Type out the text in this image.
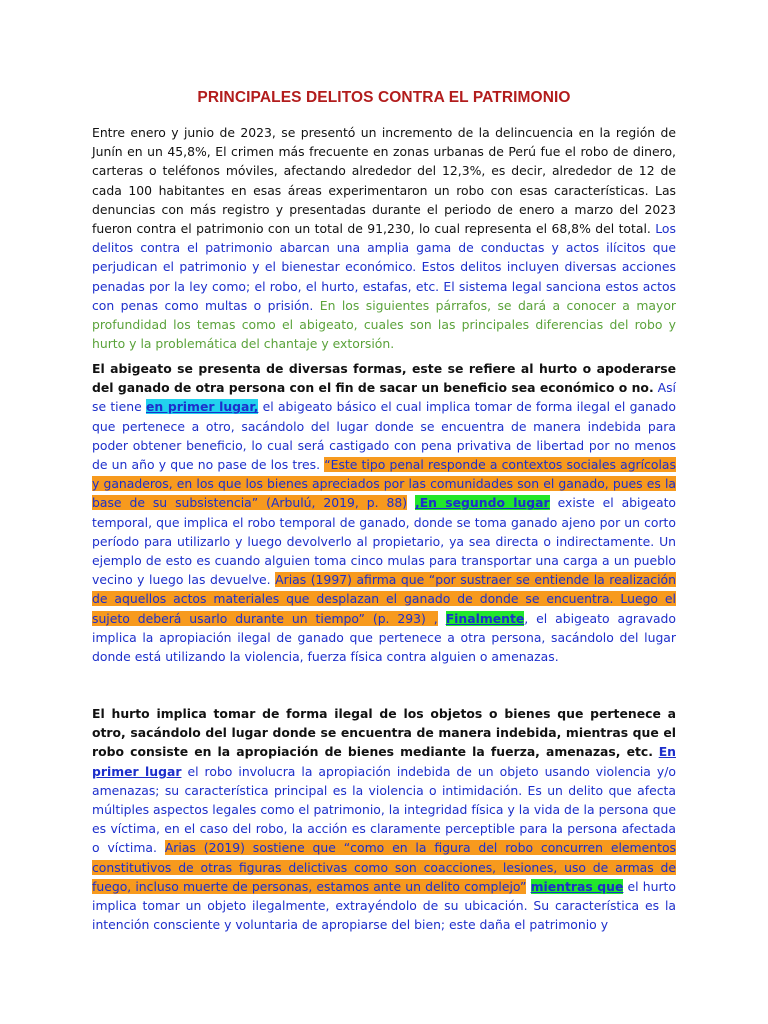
PRINCIPALES DELITOS CONTRA EL PATRIMONIO

Entre enero y junio de 2023, se presentó un incremento de la delincuencia en la región de Junín en un 45,8%, El crimen más frecuente en zonas urbanas de Perú fue el robo de dinero, carteras o teléfonos móviles, afectando alrededor del 12,3%, es decir, alrededor de 12 de cada 100 habitantes en esas áreas experimentaron un robo con esas características. Las denuncias con más registro y presentadas durante el periodo de enero a marzo del 2023 fueron contra el patrimonio con un total de 91,230, lo cual representa el 68,8% del total. Los delitos contra el patrimonio abarcan una amplia gama de conductas y actos ilícitos que perjudican el patrimonio y el bienestar económico. Estos delitos incluyen diversas acciones penadas por la ley como; el robo, el hurto, estafas, etc. El sistema legal sanciona estos actos con penas como multas o prisión. En los siguientes párrafos, se dará a conocer a mayor profundidad los temas como el abigeato, cuales son las principales diferencias del robo y hurto y la problemática del chantaje y extorsión.

El abigeato se presenta de diversas formas, este se refiere al hurto o apoderarse del ganado de otra persona con el fin de sacar un beneficio sea económico o no. Así se tiene en primer lugar, el abigeato básico el cual implica tomar de forma ilegal el ganado que pertenece a otro, sacándolo del lugar donde se encuentra de manera indebida para poder obtener beneficio, lo cual será castigado con pena privativa de libertad por no menos de un año y que no pase de los tres. “Este tipo penal responde a contextos sociales agrícolas y ganaderos, en los que los bienes apreciados por las comunidades son el ganado, pues es la base de su subsistencia” (Arbulú, 2019, p. 88) ,En segundo lugar existe el abigeato temporal, que implica el robo temporal de ganado, donde se toma ganado ajeno por un corto período para utilizarlo y luego devolverlo al propietario, ya sea directa o indirectamente. Un ejemplo de esto es cuando alguien toma cinco mulas para transportar una carga a un pueblo vecino y luego las devuelve. Arias (1997) afirma que “por sustraer se entiende la realización de aquellos actos materiales que desplazan el ganado de donde se encuentra. Luego el sujeto deberá usarlo durante un tiempo” (p. 293) , Finalmente, el abigeato agravado implica la apropiación ilegal de ganado que pertenece a otra persona, sacándolo del lugar donde está utilizando la violencia, fuerza física contra alguien o amenazas.

El hurto implica tomar de forma ilegal de los objetos o bienes que pertenece a otro, sacándolo del lugar donde se encuentra de manera indebida, mientras que el robo consiste en la apropiación de bienes mediante la fuerza, amenazas, etc. En primer lugar el robo involucra la apropiación indebida de un objeto usando violencia y/o amenazas; su característica principal es la violencia o intimidación. Es un delito que afecta múltiples aspectos legales como el patrimonio, la integridad física y la vida de la persona que es víctima, en el caso del robo, la acción es claramente perceptible para la persona afectada o víctima. Arias (2019) sostiene que “como en la figura del robo concurren elementos constitutivos de otras figuras delictivas como son coacciones, lesiones, uso de armas de fuego, incluso muerte de personas, estamos ante un delito complejo” mientras que el hurto implica tomar un objeto ilegalmente, extrayéndolo de su ubicación. Su característica es la intención consciente y voluntaria de apropiarse del bien; este daña el patrimonio y
